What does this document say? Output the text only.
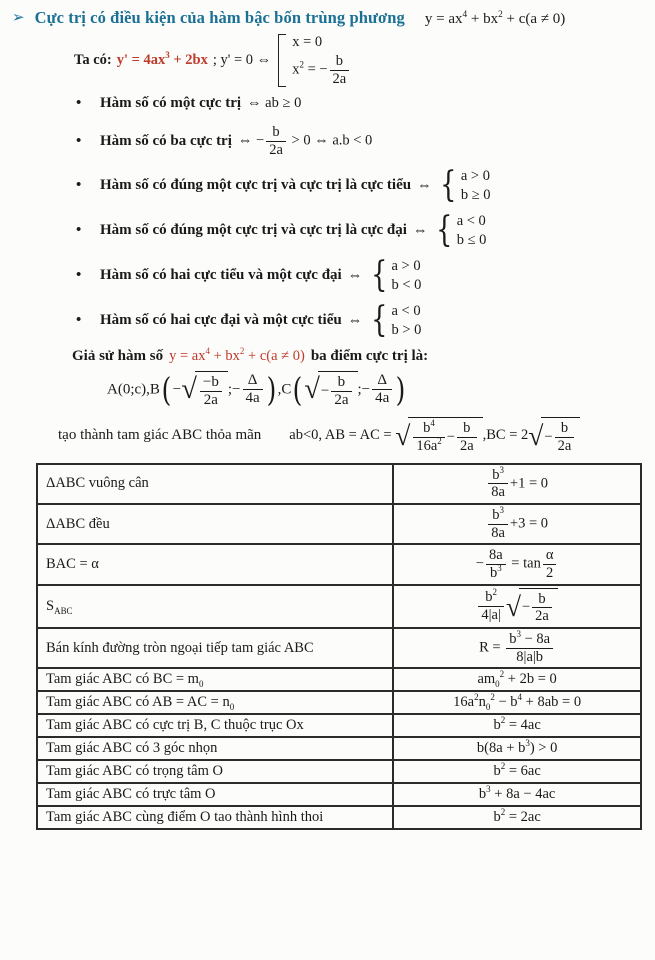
➢ Cực trị có điều kiện của hàm bậc bốn trùng phương $y = ax^4 + bx^2 + c(a \ne 0)$
Ta có: $y' = 4ax^3 + 2bx$ ; y' = 0 ⇔
x = 0
$x^2$ = − $\frac{b}{2a}$
• Hàm số có một cực trị ⇔ ab ≥ 0
• Hàm số có ba cực trị ⇔ − $\frac{b}{2a} > 0$ ⇔ a.b < 0
• Hàm số có đúng một cực trị và cực trị là cực tiểu ⇔ { a > 0
b ≥ 0
• Hàm số có đúng một cực trị và cực trị là cực đại ⇔ { a < 0
b ≤ 0
• Hàm số có hai cực tiểu và một cực đại ⇔ { a > 0
b < 0
• Hàm số có hai cực đại và một cực tiểu ⇔ { a < 0
b > 0
Giả sử hàm số $y = ax^4 + bx^2 + c(a \ne 0)$ ba điểm cực trị là:
A(0;c),B ( − √ −b
2a
;− $\frac{\Delta}{4a}$ ) ,C ( √ −
b
2a
;− $\frac{\Delta}{4a}$ )
tạo thành tam giác ABC thỏa mãn ab<0, AB = AC = √ $b^4$
$16a^2$ −
b
2a
,BC = 2 √ −
b
2a
ΔABC vuông cân	$\frac{b^3}{8a} +1 = 0$
ΔABC đều	$\frac{b^3}{8a} +3 = 0$
BAC = α	− $\frac{8a}{b^3} = \tan \frac{\alpha}{2}$

$S_{ABC}$	$\frac{b^2}{4|a|}$ √ −
b
2a

Bán kính đường tròn ngoại tiếp tam giác ABC	$R = \frac{b^3 - 8a}{8|a|b}$

Tam giác ABC có BC = $m_0$	$am_0^2 + 2b = 0$
Tam giác ABC có AB = AC = $n_0$	$16a^2n_0^2 - b^4 + 8ab = 0$
Tam giác ABC có cực trị B, C thuộc trục Ox	$b^2 = 4ac$
Tam giác ABC có 3 góc nhọn	$b(8a + b^3) > 0$
Tam giác ABC có trọng tâm O	$b^2 = 6ac$
Tam giác ABC có trực tâm O	$b^3 + 8a - 4ac$
Tam giác ABC cùng điểm O tao thành hình thoi	$b^2 = 2ac$
